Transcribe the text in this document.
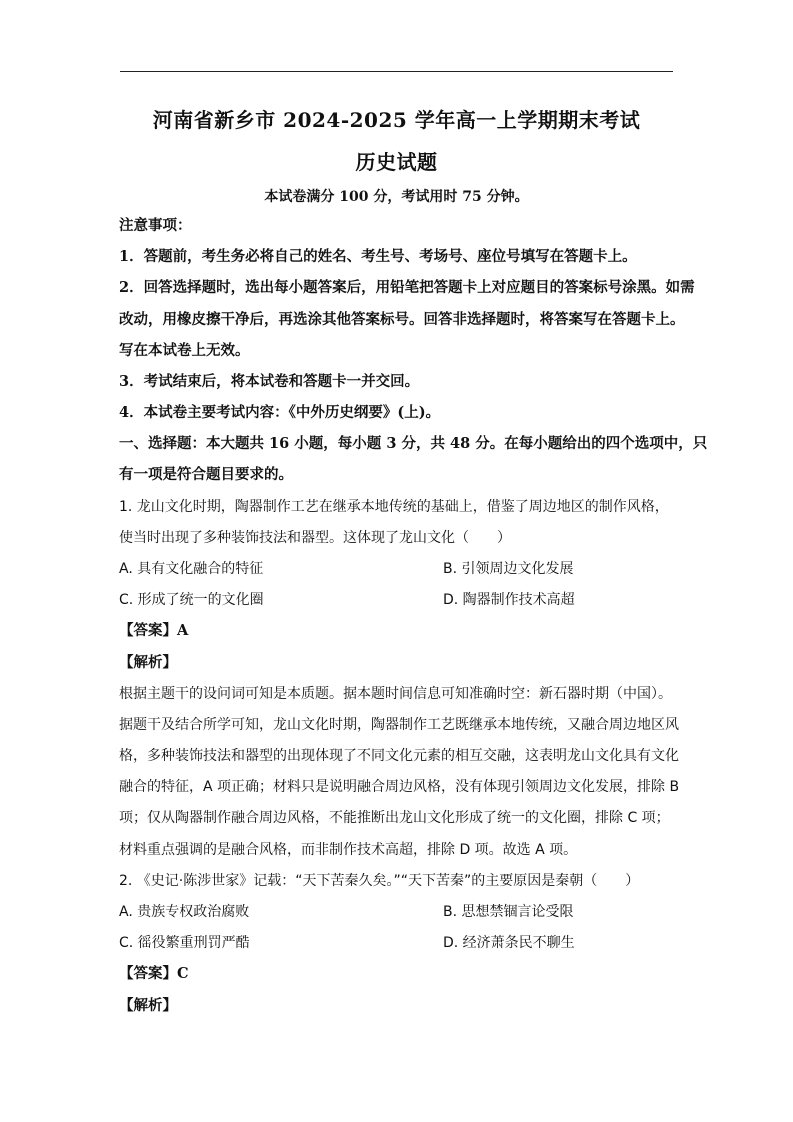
河南省新乡市 2024-2025 学年高一上学期期末考试
历史试题
本试卷满分 100 分，考试用时 75 分钟。
注意事项：
1．答题前，考生务必将自己的姓名、考生号、考场号、座位号填写在答题卡上。
2．回答选择题时，选出每小题答案后，用铅笔把答题卡上对应题目的答案标号涂黑。如需
改动，用橡皮擦干净后，再选涂其他答案标号。回答非选择题时，将答案写在答题卡上。
写在本试卷上无效。
3．考试结束后，将本试卷和答题卡一并交回。
4．本试卷主要考试内容：《中外历史纲要》(上)。
一、选择题：本大题共 16 小题，每小题 3 分，共 48 分。在每小题给出的四个选项中，只
有一项是符合题目要求的。
1. 龙山文化时期，陶器制作工艺在继承本地传统的基础上，借鉴了周边地区的制作风格，
使当时出现了多种装饰技法和器型。这体现了龙山文化（　　）
A. 具有文化融合的特征	B. 引领周边文化发展
C. 形成了统一的文化圈	D. 陶器制作技术高超
【答案】A
【解析】
根据主题干的设问词可知是本质题。据本题时间信息可知准确时空：新石器时期（中国）。
据题干及结合所学可知，龙山文化时期，陶器制作工艺既继承本地传统，又融合周边地区风
格，多种装饰技法和器型的出现体现了不同文化元素的相互交融，这表明龙山文化具有文化
融合的特征，A 项正确；材料只是说明融合周边风格，没有体现引领周边文化发展，排除 B
项；仅从陶器制作融合周边风格，不能推断出龙山文化形成了统一的文化圈，排除 C 项；
材料重点强调的是融合风格，而非制作技术高超，排除 D 项。故选 A 项。
2. 《史记·陈涉世家》记载：“天下苦秦久矣。”“天下苦秦”的主要原因是秦朝（　　）
A. 贵族专权政治腐败	B. 思想禁锢言论受限
C. 徭役繁重刑罚严酷	D. 经济萧条民不聊生
【答案】C
【解析】
